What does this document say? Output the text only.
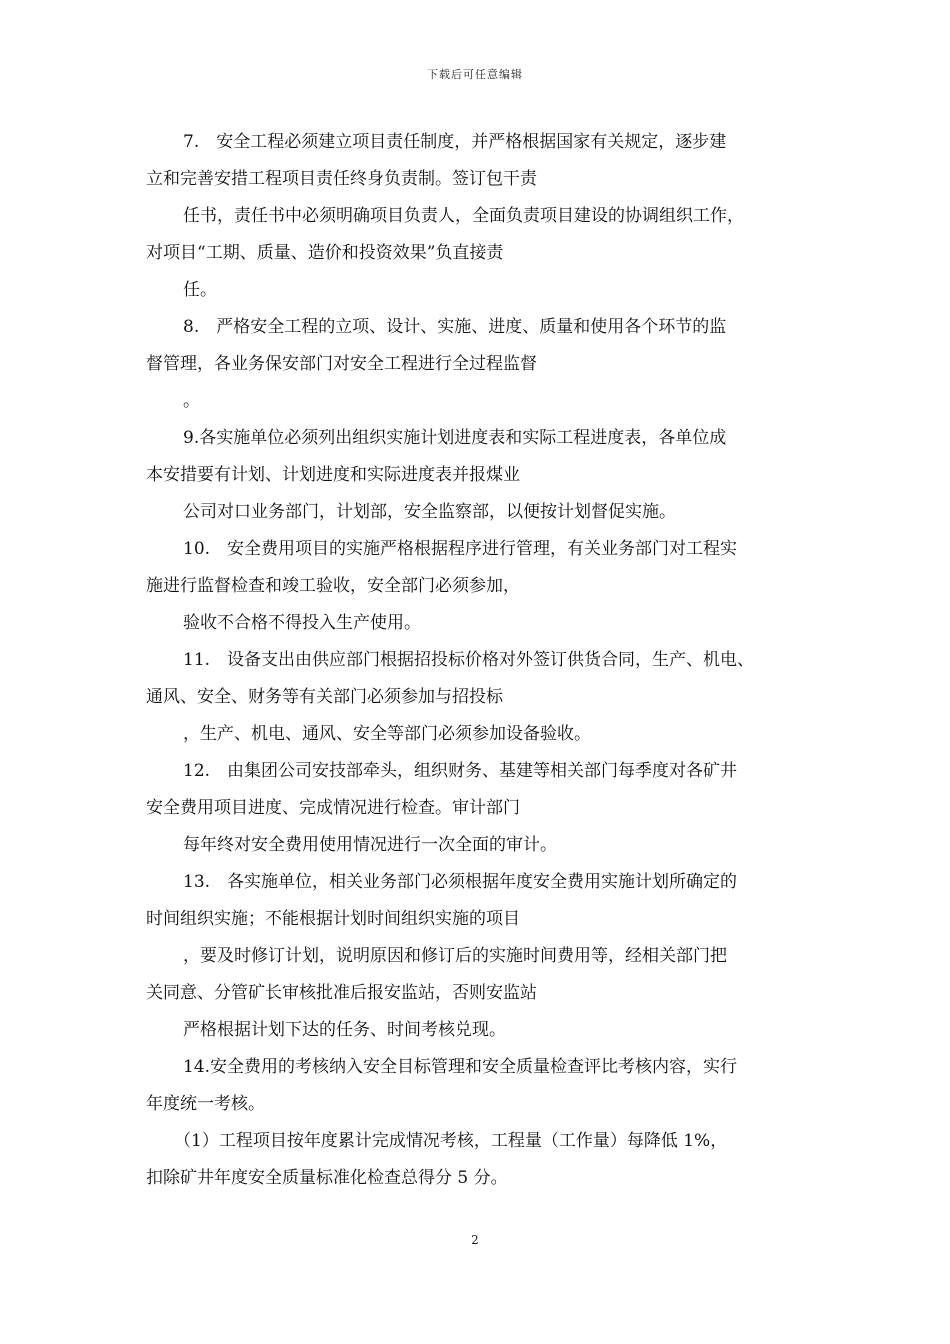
下载后可任意编辑
7.　安全工程必须建立项目责任制度，并严格根据国家有关规定，逐步建
立和完善安措工程项目责任终身负责制。签订包干责
任书，责任书中必须明确项目负责人，全面负责项目建设的协调组织工作，
对项目“工期、质量、造价和投资效果”负直接责
任。
8.　严格安全工程的立项、设计、实施、进度、质量和使用各个环节的监
督管理，各业务保安部门对安全工程进行全过程监督
。
9.各实施单位必须列出组织实施计划进度表和实际工程进度表，各单位成
本安措要有计划、计划进度和实际进度表并报煤业
公司对口业务部门，计划部，安全监察部，以便按计划督促实施。
10.　安全费用项目的实施严格根据程序进行管理，有关业务部门对工程实
施进行监督检查和竣工验收，安全部门必须参加，
验收不合格不得投入生产使用。
11.　设备支出由供应部门根据招投标价格对外签订供货合同，生产、机电、
通风、安全、财务等有关部门必须参加与招投标
，生产、机电、通风、安全等部门必须参加设备验收。
12.　由集团公司安技部牵头，组织财务、基建等相关部门每季度对各矿井
安全费用项目进度、完成情况进行检查。审计部门
每年终对安全费用使用情况进行一次全面的审计。
13.　各实施单位，相关业务部门必须根据年度安全费用实施计划所确定的
时间组织实施；不能根据计划时间组织实施的项目
，要及时修订计划，说明原因和修订后的实施时间费用等，经相关部门把
关同意、分管矿长审核批准后报安监站，否则安监站
严格根据计划下达的任务、时间考核兑现。
14.安全费用的考核纳入安全目标管理和安全质量检查评比考核内容，实行
年度统一考核。
（1）工程项目按年度累计完成情况考核，工程量（工作量）每降低 1%，
扣除矿井年度安全质量标准化检查总得分 5 分。
2
